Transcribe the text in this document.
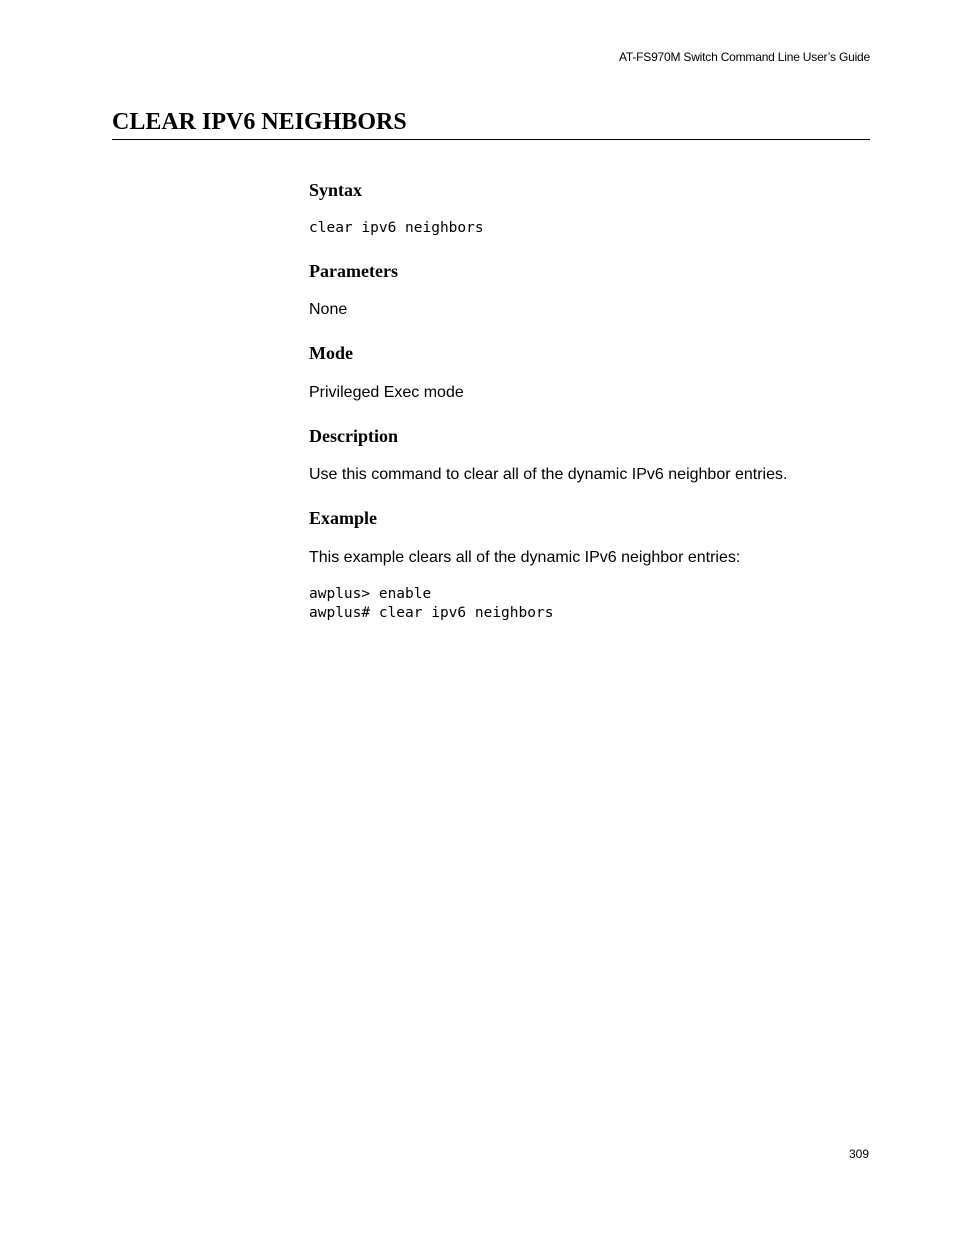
AT-FS970M Switch Command Line User’s Guide
CLEAR IPV6 NEIGHBORS
Syntax
clear ipv6 neighbors
Parameters

None

Mode

Privileged Exec mode

Description

Use this command to clear all of the dynamic IPv6 neighbor entries.

Example

This example clears all of the dynamic IPv6 neighbor entries:

awplus> enable
awplus# clear ipv6 neighbors
309
